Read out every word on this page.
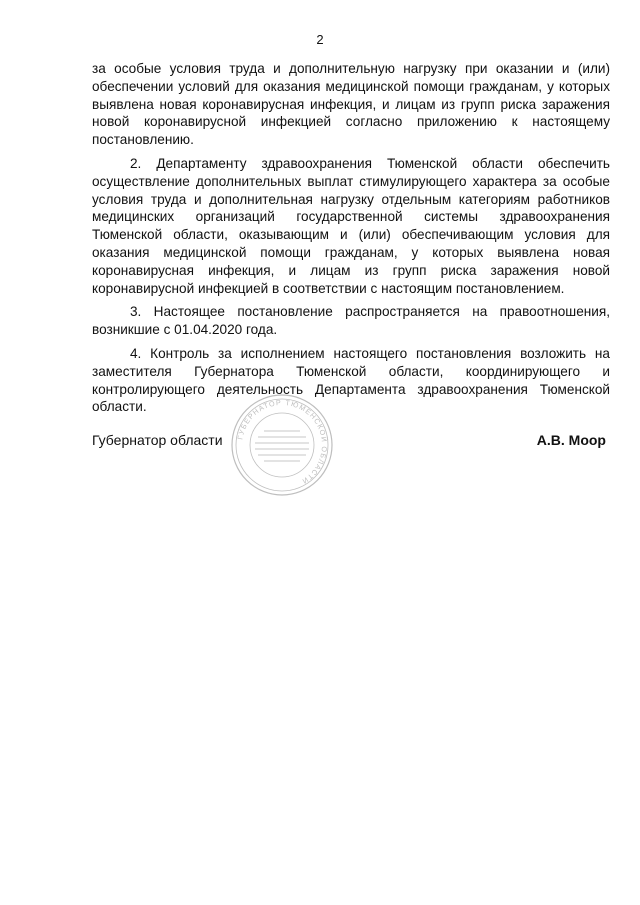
2

за особые условия труда и дополнительную нагрузку при оказании и (или) обеспечении условий для оказания медицинской помощи гражданам, у которых выявлена новая коронавирусная инфекция, и лицам из групп риска заражения новой коронавирусной инфекцией согласно приложению к настоящему постановлению.

2. Департаменту здравоохранения Тюменской области обеспечить осуществление дополнительных выплат стимулирующего характера за особые условия труда и дополнительная нагрузку отдельным категориям работников медицинских организаций государственной системы здравоохранения Тюменской области, оказывающим и (или) обеспечивающим условия для оказания медицинской помощи гражданам, у которых выявлена новая коронавирусная инфекция, и лицам из групп риска заражения новой коронавирусной инфекцией в соответствии с настоящим постановлением.

3. Настоящее постановление распространяется на правоотношения, возникшие с 01.04.2020 года.

4. Контроль за исполнением настоящего постановления возложить на заместителя Губернатора Тюменской области, координирующего и контролирующего деятельность Департамента здравоохранения Тюменской области.

Губернатор области	А.В. Моор
ГУБЕРНАТОР ТЮМЕНСКОЙ ОБЛАСТИ
